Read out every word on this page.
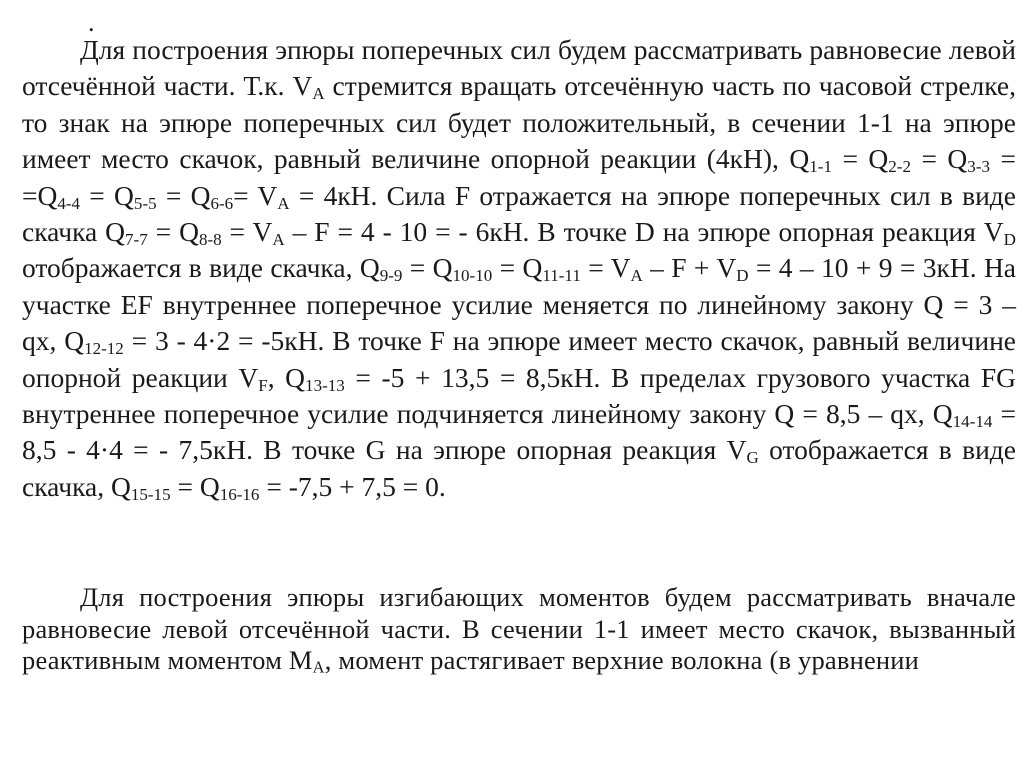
.

Для построения эпюры поперечных сил будем рассматривать равновесие левой отсечённой части. Т.к. $V_A$ стремится вращать отсечённую часть по часовой стрелке, то знак на эпюре поперечных сил будет положительный, в сечении 1-1 на эпюре имеет место скачок, равный величине опорной реакции (4кН), $Q_{1-1} = Q_{2-2} = Q_{3-3} = =Q_{4-4} = Q_{5-5} = Q_{6-6}= V_A = 4кН$. Сила F отражается на эпюре поперечных сил в виде скачка $Q_{7-7} = Q_{8-8} = V_A - F = 4 - 10$ = - 6кН. В точке D на эпюре опорная реакция $V_D$ отображается в виде скачка, $Q_{9-9} = Q_{10-10} = Q_{11-11} = V_A - F + V_D = 4 - 10 + 9 = 3кН$. На участке EF внутреннее поперечное усилие меняется по линейному закону Q = 3 – qx, $Q_{12-12} = 3 - 4\cdot 2 = -5кН$. В точке F на эпюре имеет место скачок, равный величине опорной реакции $V_F$, $Q_{13-13} = -5 + 13,5 = 8,5кН$. В пределах грузового участка FG внутреннее поперечное усилие подчиняется линейному закону Q = 8,5 – qx, $Q_{14-14} = 8,5 - 4\cdot 4$ = - 7,5кН. В точке G на эпюре опорная реакция $V_G$ отображается в виде скачка, $Q_{15-15} = Q_{16-16} = -7,5 + 7,5 = 0$.

Для построения эпюры изгибающих моментов будем рассматривать вначале равновесие левой отсечённой части. В сечении 1-1 имеет место скачок, вызванный реактивным моментом $M_A$, момент растягивает верхние волокна (в уравнении
